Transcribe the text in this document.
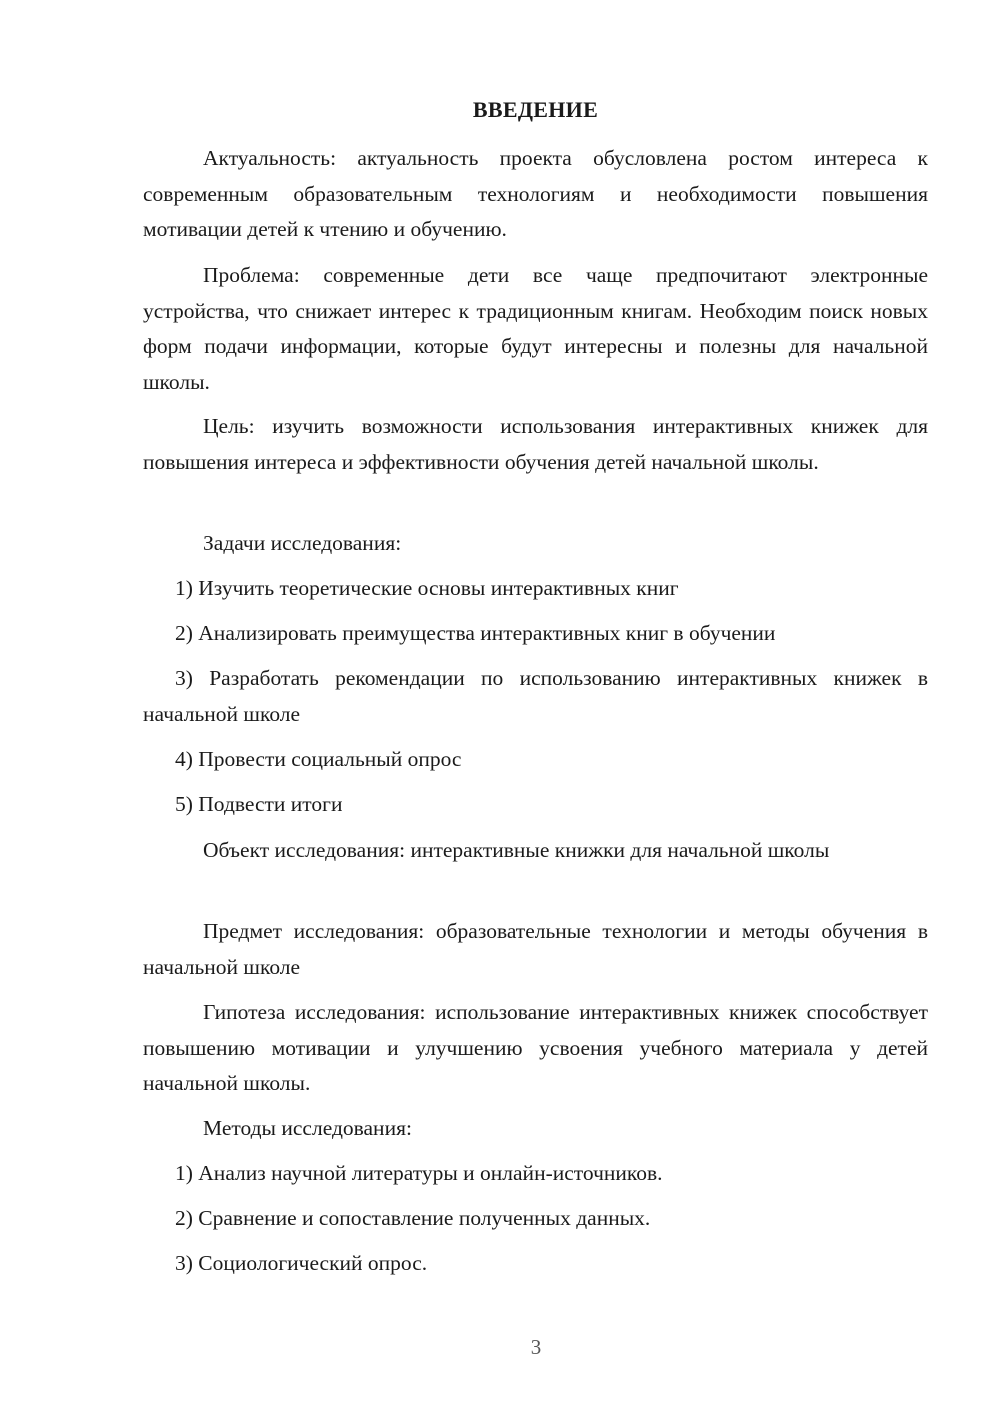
ВВЕДЕНИЕ

Актуальность: актуальность проекта обусловлена ростом интереса к современным образовательным технологиям и необходимости повышения мотивации детей к чтению и обучению.

Проблема: современные дети все чаще предпочитают электронные устройства, что снижает интерес к традиционным книгам. Необходим поиск новых форм подачи информации, которые будут интересны и полезны для начальной школы.

Цель: изучить возможности использования интерактивных книжек для повышения интереса и эффективности обучения детей начальной школы.

Задачи исследования:

1) Изучить теоретические основы интерактивных книг

2) Анализировать преимущества интерактивных книг в обучении

3) Разработать рекомендации по использованию интерактивных книжек в начальной школе

4) Провести социальный опрос

5) Подвести итоги

Объект исследования: интерактивные книжки для начальной школы

Предмет исследования: образовательные технологии и методы обучения в начальной школе

Гипотеза исследования: использование интерактивных книжек способствует повышению мотивации и улучшению усвоения учебного материала у детей начальной школы.

Методы исследования:

1) Анализ научной литературы и онлайн-источников.

2) Сравнение и сопоставление полученных данных.

3) Социологический опрос.

3
